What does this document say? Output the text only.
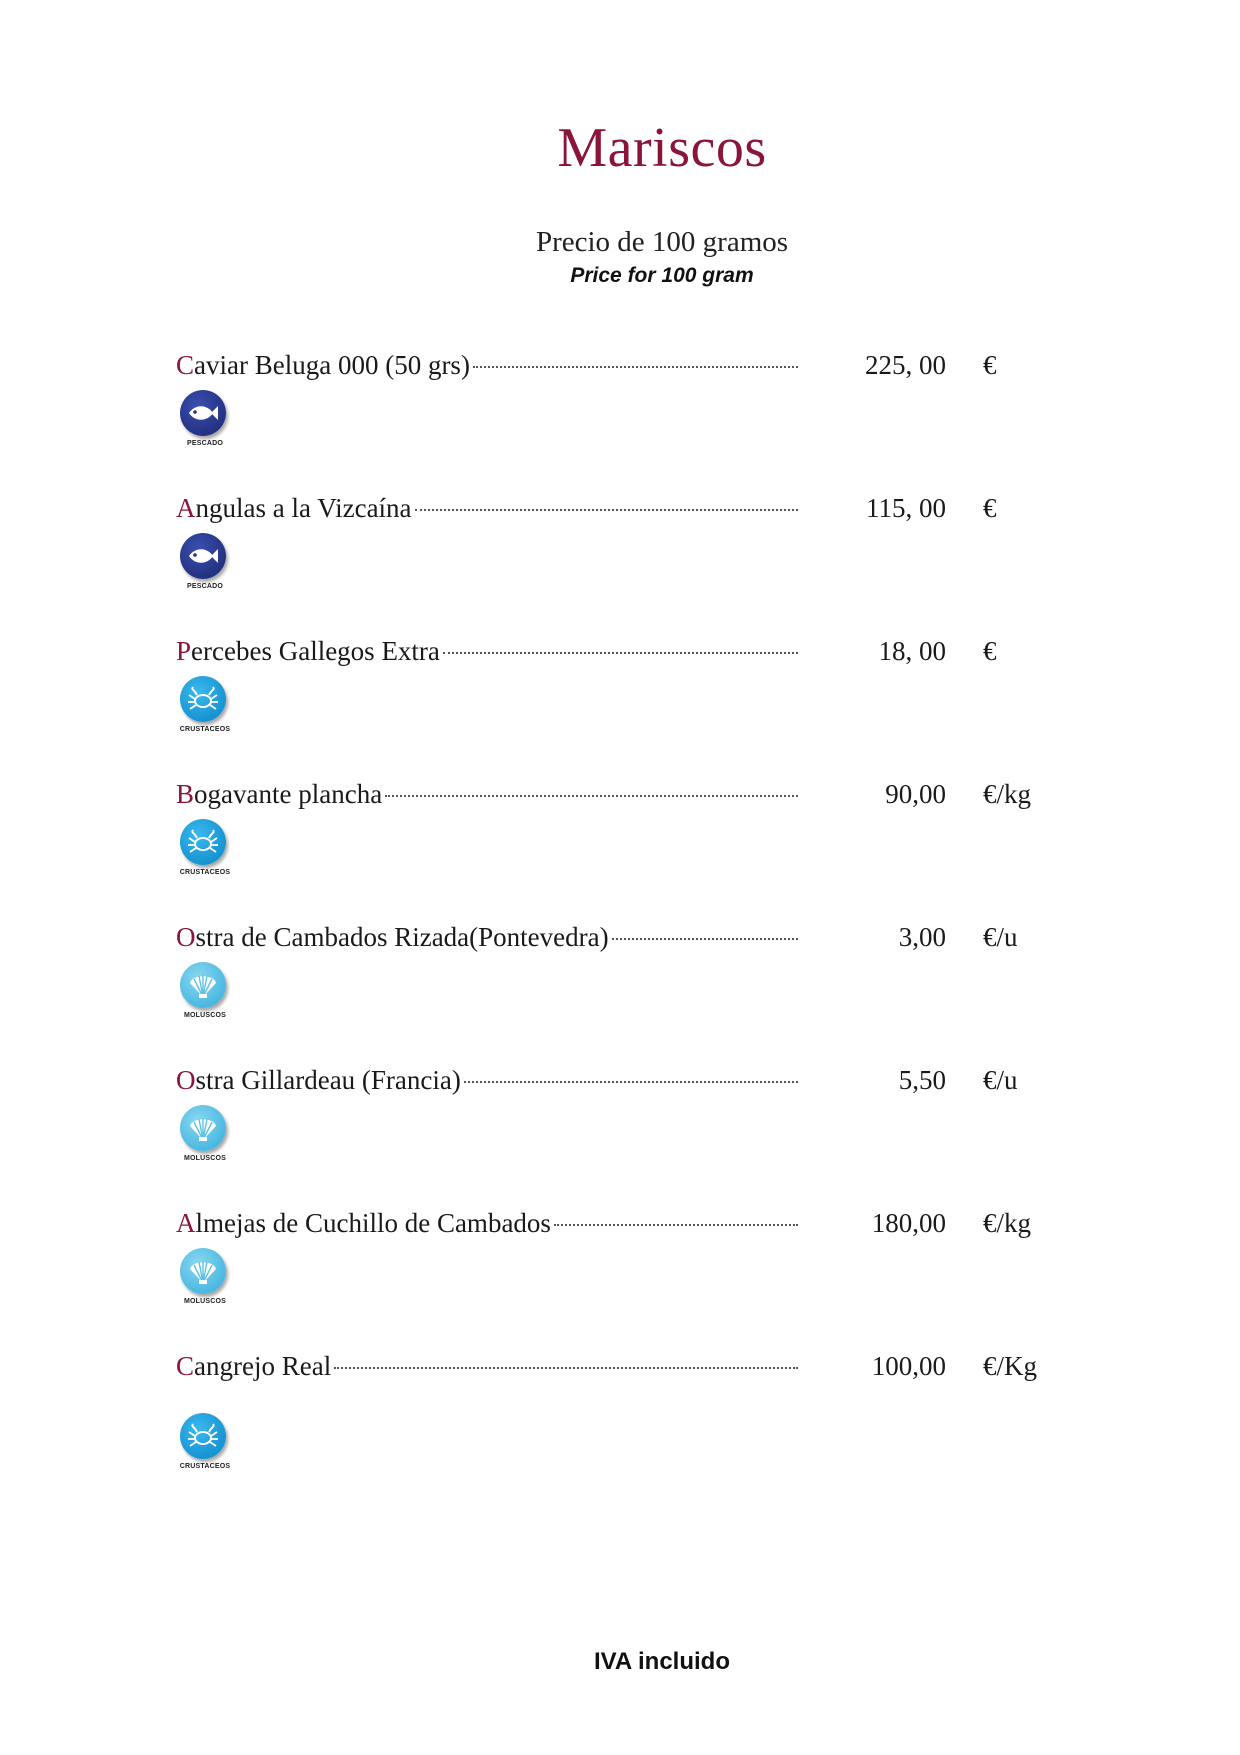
Mariscos
Precio de 100 gramos
Price for 100 gram
C aviar Beluga 000 (50 grs)	225, 00 €
PESCADO
A ngulas a la Vizcaína	115, 00 €
PESCADO
P ercebes Gallegos Extra	18, 00 €
CRUSTACEOS
B ogavante plancha	90,00 €/kg
CRUSTACEOS
O stra de Cambados Rizada(Pontevedra)	3,00 €/u
MOLUSCOS
O stra Gillardeau (Francia)	5,50 €/u
MOLUSCOS
A lmejas de Cuchillo de Cambados	180,00 €/kg
MOLUSCOS
C angrejo Real	100,00 €/Kg
CRUSTACEOS
IVA incluido
